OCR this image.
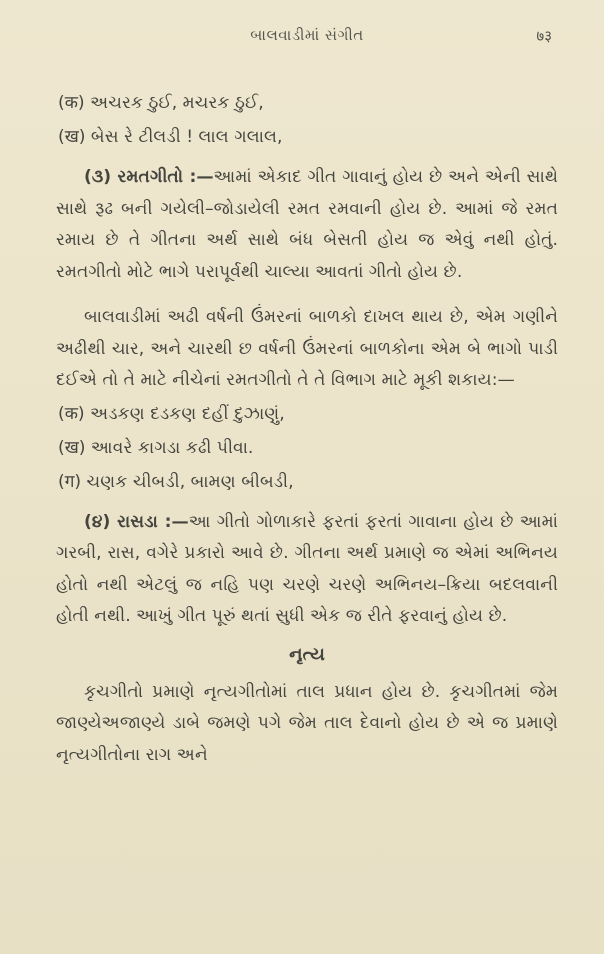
બાલવાડીમાં સંગીત	७३

(क) અચરક ઠુઈ, મચરક ઠુઈ,

(ख) બેસ રે ટીલડી ! લાલ ગલાલ,

(૩) રમતગીતો :—આમાં એકાદ ગીત ગાવાનું હોય છે અને એની સાથે સાથે રૂઢ બની ગયેલી–જોડાયેલી રમત રમવાની હોય છે. આમાં જે રમત રમાય છે તે ગીતના અર્થ સાથે બંધ બેસતી હોય જ એવું નથી હોતું. રમતગીતો મોટે ભાગે પરાપૂર્વથી ચાલ્યા આવતાં ગીતો હોય છે.

બાલવાડીમાં અઢી વર્ષની ઉંમરનાં બાળકો દાખલ થાય છે, એમ ગણીને અઢીથી ચાર, અને ચારથી છ વર્ષની ઉંમરનાં બાળકોના એમ બે ભાગો પાડી દઈએ તો તે માટે નીચેનાં રમતગીતો તે તે વિભાગ માટે મૂકી શકાય:—

(क) અડકણ દડકણ દહીં દુઝાણું,

(ख) આવરે કાગડા કઢી પીવા.

(ग) ચણક ચીબડી, બામણ બીબડી,

(૪) રાસડા :—આ ગીતો ગોળાકારે ફરતાં ફરતાં ગાવાના હોય છે આમાં ગરબી, રાસ, વગેરે પ્રકારો આવે છે. ગીતના અર્થ પ્રમાણે જ એમાં અભિનય હોતો નથી એટલું જ નહિ પણ ચરણે ચરણે અભિનય–ક્રિયા બદલવાની હોતી નથી. આખું ગીત પૂરું થતાં સુધી એક જ રીતે ફરવાનું હોય છે.

નૃત્ય

કૃચગીતો પ્રમાણે નૃત્યગીતોમાં તાલ પ્રધાન હોય છે. કૃચગીતમાં જેમ જાણ્યેઅજાણ્યે ડાબે જમણે પગે જેમ તાલ દેવાનો હોય છે એ જ પ્રમાણે નૃત્યગીતોના રાગ અને
